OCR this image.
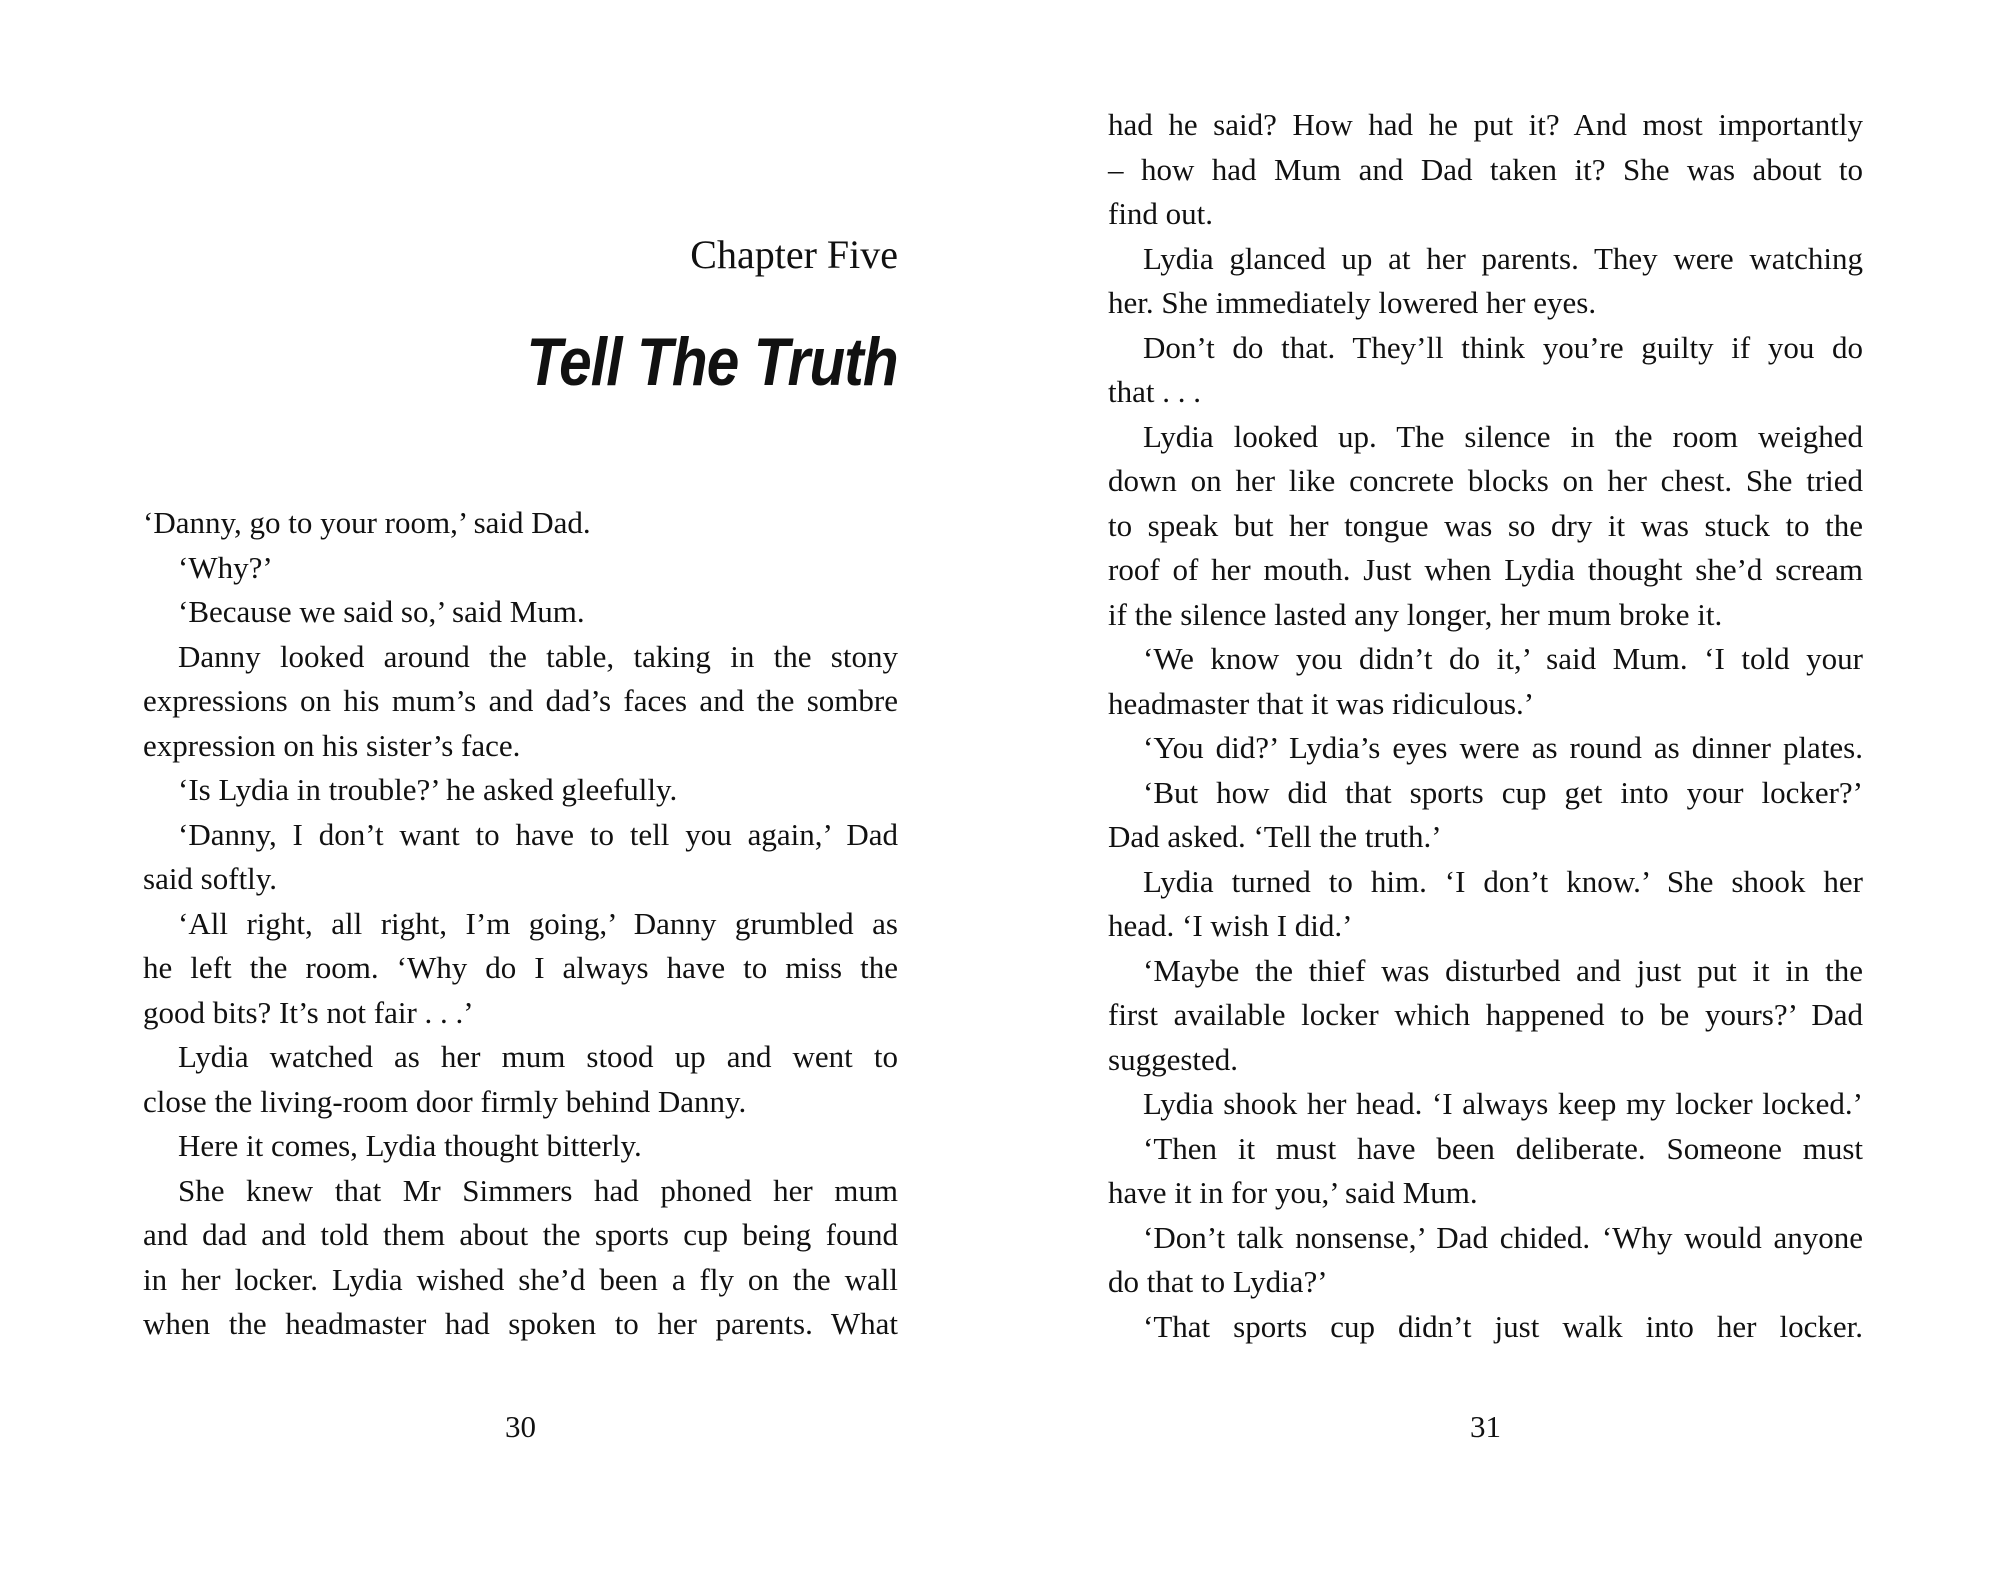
Chapter Five
Tell The Truth
‘Danny, go to your room,’ said Dad.
‘Why?’
‘Because we said so,’ said Mum.
Danny looked around the table, taking in the stony
expressions on his mum’s and dad’s faces and the sombre
expression on his sister’s face.
‘Is Lydia in trouble?’ he asked gleefully.
‘Danny, I don’t want to have to tell you again,’ Dad
said softly.
‘All right, all right, I’m going,’ Danny grumbled as
he left the room. ‘Why do I always have to miss the
good bits? It’s not fair . . .’
Lydia watched as her mum stood up and went to
close the living-room door firmly behind Danny.
Here it comes, Lydia thought bitterly.
She knew that Mr Simmers had phoned her mum
and dad and told them about the sports cup being found
in her locker. Lydia wished she’d been a fly on the wall
when the headmaster had spoken to her parents. What
30
had he said? How had he put it? And most importantly
– how had Mum and Dad taken it? She was about to
find out.
Lydia glanced up at her parents. They were watching
her. She immediately lowered her eyes.
Don’t do that. They’ll think you’re guilty if you do
that . . .
Lydia looked up. The silence in the room weighed
down on her like concrete blocks on her chest. She tried
to speak but her tongue was so dry it was stuck to the
roof of her mouth. Just when Lydia thought she’d scream
if the silence lasted any longer, her mum broke it.
‘We know you didn’t do it,’ said Mum. ‘I told your
headmaster that it was ridiculous.’
‘You did?’ Lydia’s eyes were as round as dinner plates.
‘But how did that sports cup get into your locker?’
Dad asked. ‘Tell the truth.’
Lydia turned to him. ‘I don’t know.’ She shook her
head. ‘I wish I did.’
‘Maybe the thief was disturbed and just put it in the
first available locker which happened to be yours?’ Dad
suggested.
Lydia shook her head. ‘I always keep my locker locked.’
‘Then it must have been deliberate. Someone must
have it in for you,’ said Mum.
‘Don’t talk nonsense,’ Dad chided. ‘Why would anyone
do that to Lydia?’
‘That sports cup didn’t just walk into her locker.
31
